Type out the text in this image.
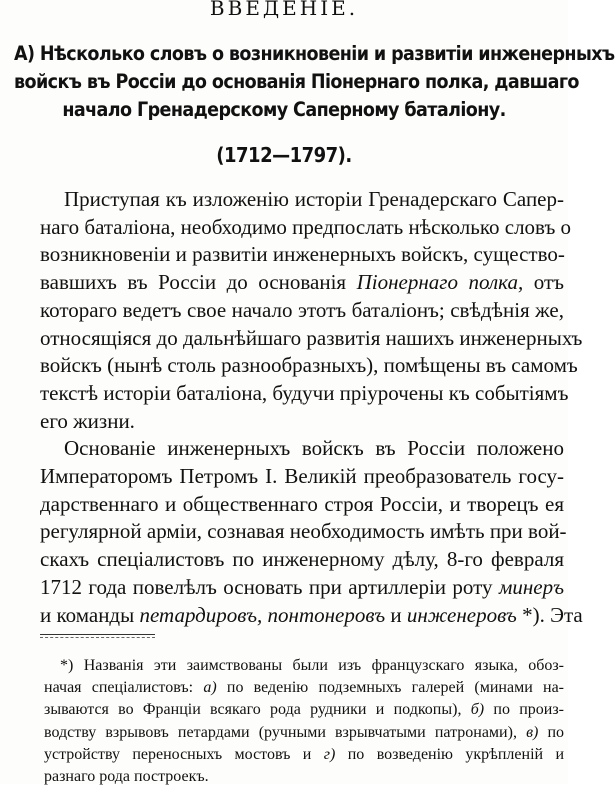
ВВЕДЕНIЕ.
А) Нѣсколько словъ о возникновенiи и развитiи инженерныхъ
войскъ въ Россiи до основанiя Пiонернаго полка, давшаго
начало Гренадерскому Саперному баталiону.
(1712—1797).

Приступая къ изложенiю исторiи Гренадерскаго Сапер-
наго баталiона, необходимо предпослать нѣсколько словъ о
возникновенiи и развитiи инженерныхъ войскъ, существо-
вавшихъ въ Россiи до основанiя Пiонернаго полка, отъ
котораго ведетъ свое начало этотъ баталiонъ; свѣдѣнiя же,
относящiяся до дальнѣйшаго развитiя нашихъ инженерныхъ
войскъ (нынѣ столь разнообразныхъ), помѣщены въ самомъ
текстѣ исторiи баталiона, будучи прiурочены къ событiямъ
его жизни.

Основанiе инженерныхъ войскъ въ Россiи положено
Императоромъ Петромъ I. Великiй преобразователь госу-
дарственнаго и общественнаго строя Россiи, и творецъ ея
регулярной армiи, сознавая необходимость имѣть при вой-
скахъ спецiалистовъ по инженерному дѣлу, 8-го февраля
1712 года повелѣлъ основать при артиллерiи роту минеръ
и команды петардировъ, понтонеровъ и инженеровъ *). Эта

*) Названiя эти заимствованы были изъ французскаго языка, обоз-
начая спецiалистовъ: а) по веденiю подземныхъ галерей (минами на-
зываются во Францiи всякаго рода рудники и подкопы), б) по произ-
водству взрывовъ петардами (ручными взрывчатыми патронами), в) по
устройству переносныхъ мостовъ и г) по возведенiю укрѣпленiй и
разнаго рода построекъ.
